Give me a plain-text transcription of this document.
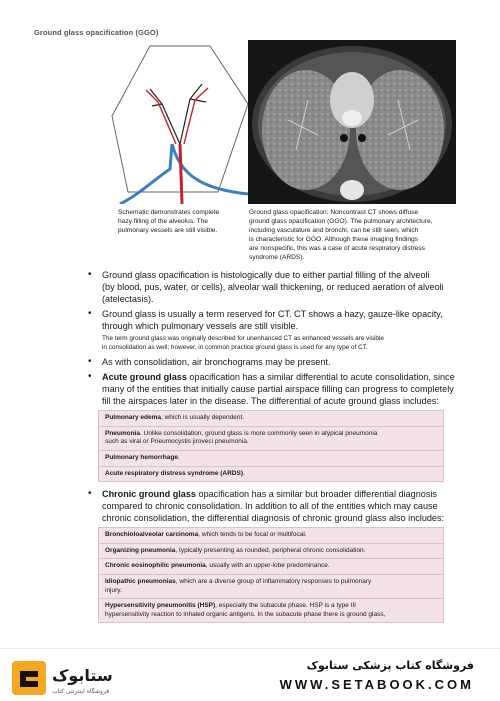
Ground glass opacification (GGO)
Schematic demonstrates complete
hazy filling of the alveolus. The
pulmonary vessels are still visible.
Ground glass opacification: Noncontrast CT shows diffuse
ground glass opacification (GGO). The pulmonary architecture,
including vasculature and bronchi, can be still seen, which
is characteristic for GGO. Although these imaging findings
are nonspecific, this was a case of acute respiratory distress
syndrome (ARDS).
• Ground glass opacification is histologically due to either partial filling of the alveoli
(by blood, pus, water, or cells), alveolar wall thickening, or reduced aeration of alveoli
(atelectasis).
• Ground glass is usually a term reserved for CT. CT shows a hazy, gauze-like opacity,
through which pulmonary vessels are still visible.
The term ground glass was originally described for unenhanced CT as enhanced vessels are visible
in consolidation as well; however, in common practice ground glass is used for any type of CT.
• As with consolidation, air bronchograms may be present.
• Acute ground glass opacification has a similar differential to acute consolidation, since
many of the entities that initially cause partial airspace filling can progress to completely
fill the airspaces later in the disease. The differential of acute ground glass includes:
Pulmonary edema, which is usually dependent.
Pneumonia. Unlike consolidation, ground glass is more commonly seen in atypical pneumonia
such as viral or Pneumocystis jiroveci pneumonia.
Pulmonary hemorrhage.
Acute respiratory distress syndrome (ARDS).
• Chronic ground glass opacification has a similar but broader differential diagnosis
compared to chronic consolidation. In addition to all of the entities which may cause
chronic consolidation, the differential diagnosis of chronic ground glass also includes:
Bronchioloalveolar carcinoma, which tends to be focal or multifocal.
Organizing pneumonia, typically presenting as rounded, peripheral chronic consolidation.
Chronic eosinophilic pneumonia, usually with an upper-lobe predominance.
Idiopathic pneumonias, which are a diverse group of inflammatory responses to pulmonary
injury.
Hypersensitivity pneumonitis (HSP), especially the subacute phase. HSP is a type III
hypersensitivity reaction to inhaled organic antigens. In the subacute phase there is ground glass,
ستابوک
فروشگاه اینترنتی کتاب
فروشگاه کتاب پزشکی ستابوک
WWW.SETABOOK.COM
